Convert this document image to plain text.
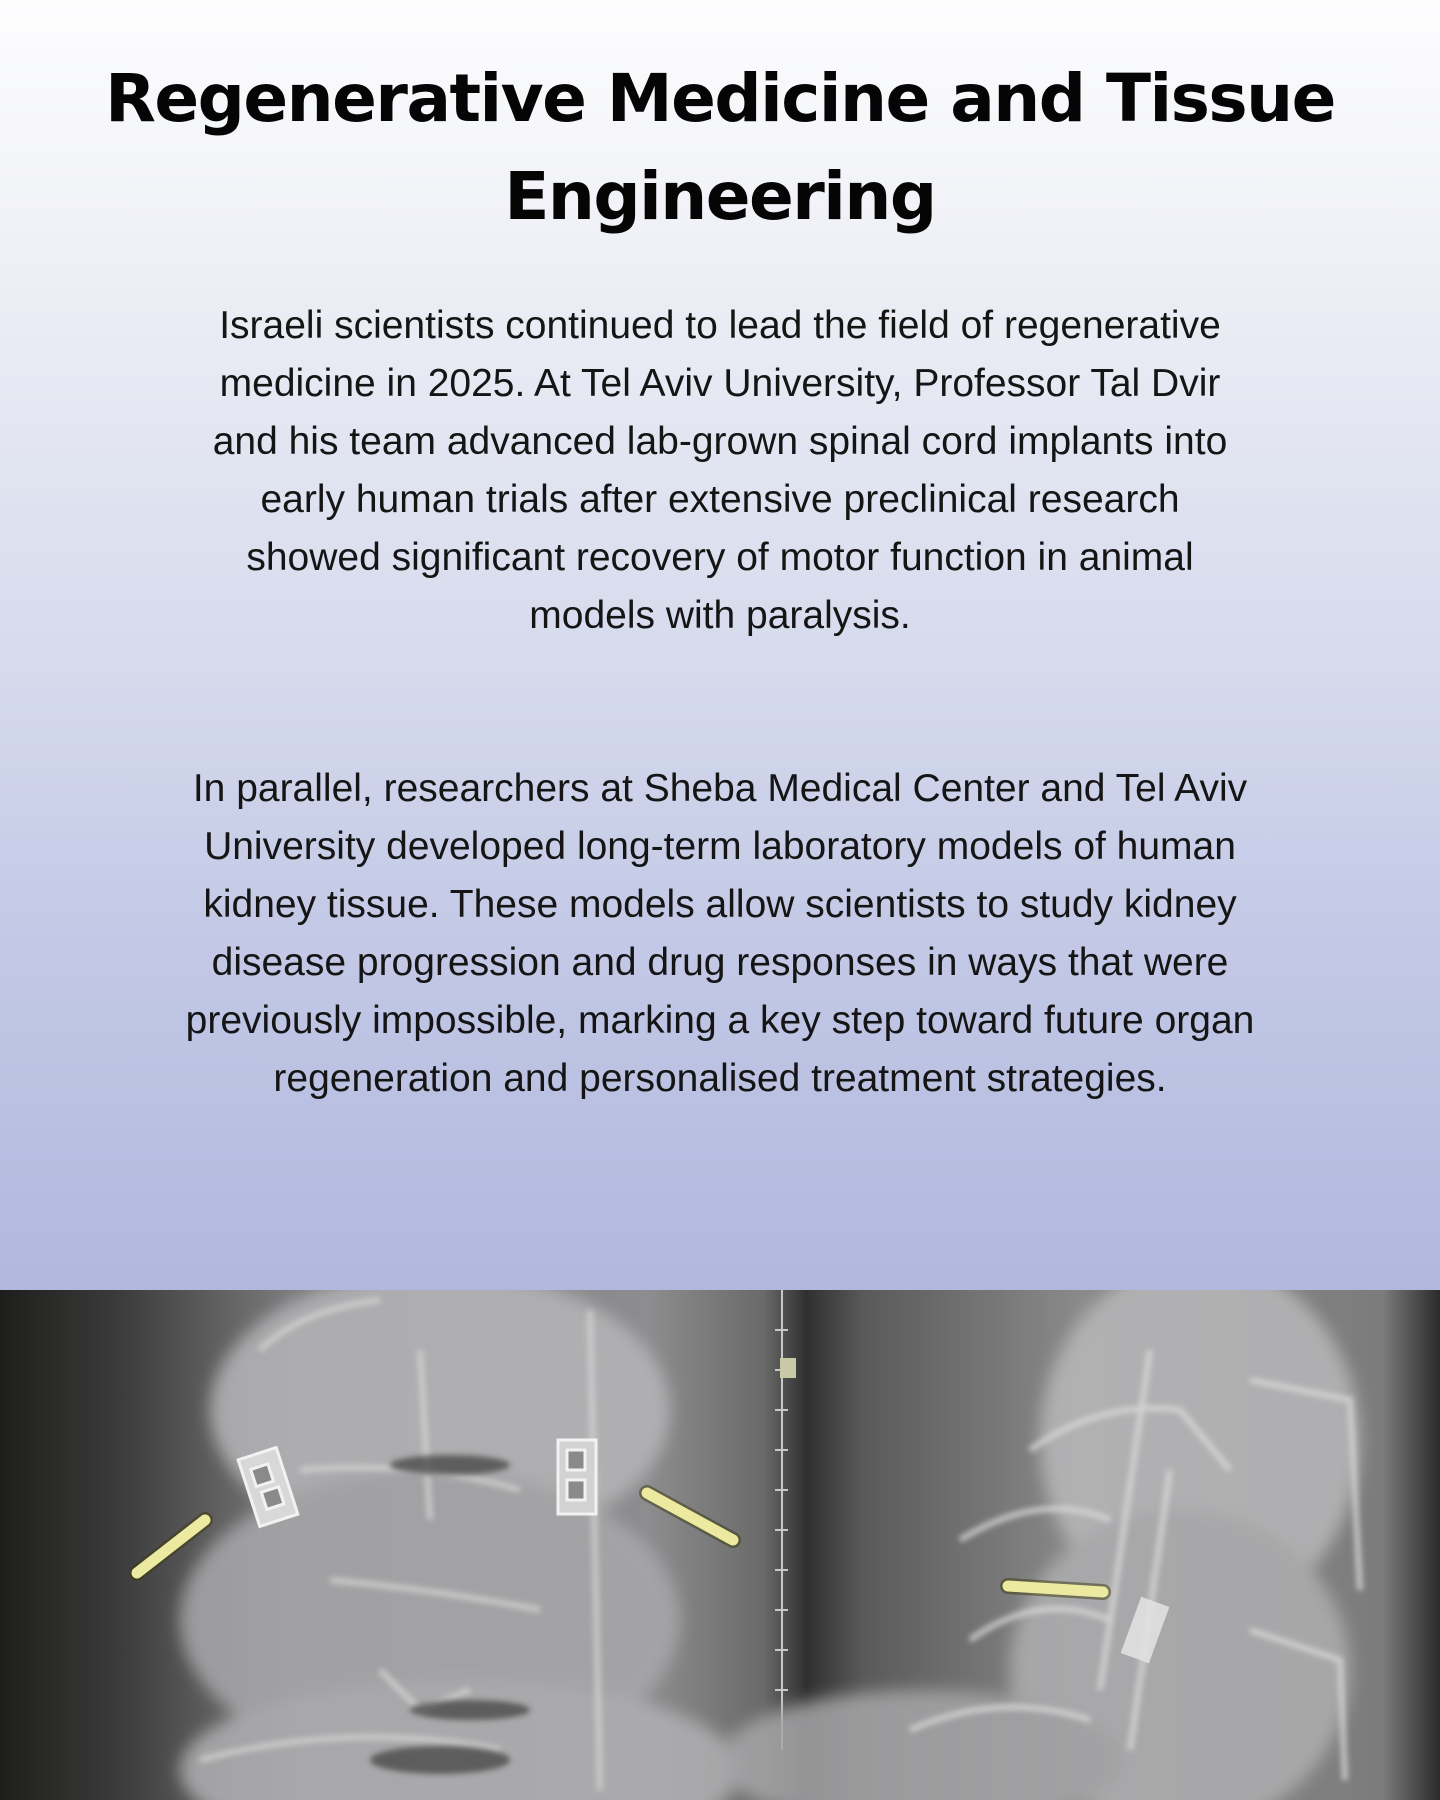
Regenerative Medicine and Tissue Engineering

Israeli scientists continued to lead the field of regenerative medicine in 2025. At Tel Aviv University, Professor Tal Dvir and his team advanced lab-grown spinal cord implants into early human trials after extensive preclinical research showed significant recovery of motor function in animal models with paralysis.

In parallel, researchers at Sheba Medical Center and Tel Aviv University developed long-term laboratory models of human kidney tissue. These models allow scientists to study kidney disease progression and drug responses in ways that were previously impossible, marking a key step toward future organ regeneration and personalised treatment strategies.
